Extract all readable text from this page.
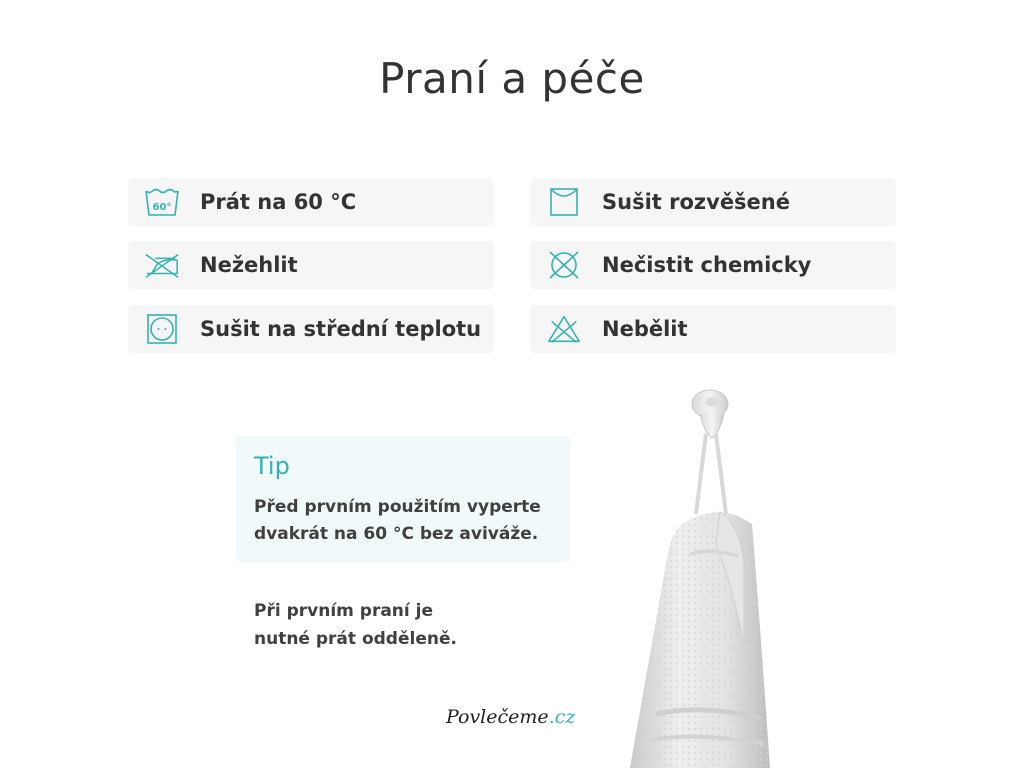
Praní a péče
60° Prát na 60 °C	Sušit rozvěšené
Nežehlit	Nečistit chemicky
Sušit na střední teplotu	Nebělit
Tip
Před prvním použitím vyperte
dvakrát na 60 °C bez aviváže.
Při prvním praní je
nutné prát odděleně.
Povlečeme.cz
